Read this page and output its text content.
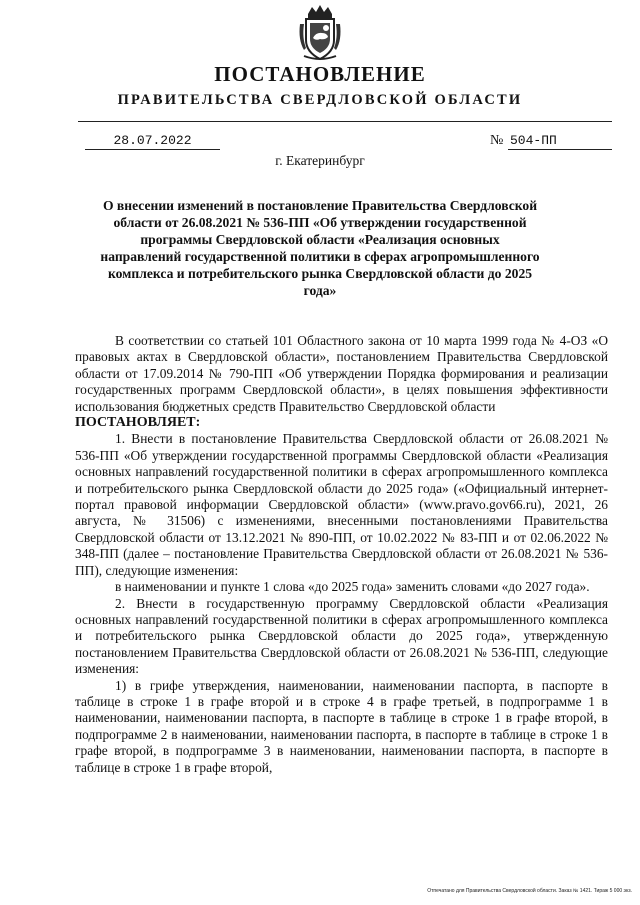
ПОСТАНОВЛЕНИЕ
ПРАВИТЕЛЬСТВА СВЕРДЛОВСКОЙ ОБЛАСТИ
28.07.2022	№ 504-ПП
г. Екатеринбург
О внесении изменений в постановление Правительства Свердловской области от 26.08.2021 № 536-ПП «Об утверждении государственной программы Свердловской области «Реализация основных направлений государственной политики в сферах агропромышленного комплекса и потребительского рынка Свердловской области до 2025 года»

В соответствии со статьей 101 Областного закона от 10 марта 1999 года № 4-ОЗ «О правовых актах в Свердловской области», постановлением Правительства Свердловской области от 17.09.2014 № 790-ПП «Об утверждении Порядка формирования и реализации государственных программ Свердловской области», в целях повышения эффективности использования бюджетных средств Правительство Свердловской области

ПОСТАНОВЛЯЕТ:

1. Внести в постановление Правительства Свердловской области от 26.08.2021 № 536-ПП «Об утверждении государственной программы Свердловской области «Реализация основных направлений государственной политики в сферах агропромышленного комплекса и потребительского рынка Свердловской области до 2025 года» («Официальный интернет-портал правовой информации Свердловской области» (www.pravo.gov66.ru), 2021, 26 августа, № 31506) с изменениями, внесенными постановлениями Правительства Свердловской области от 13.12.2021 № 890-ПП, от 10.02.2022 № 83-ПП и от 02.06.2022 № 348-ПП (далее – постановление Правительства Свердловской области от 26.08.2021 № 536-ПП), следующие изменения:

в наименовании и пункте 1 слова «до 2025 года» заменить словами «до 2027 года».

2. Внести в государственную программу Свердловской области «Реализация основных направлений государственной политики в сферах агропромышленного комплекса и потребительского рынка Свердловской области до 2025 года», утвержденную постановлением Правительства Свердловской области от 26.08.2021 № 536-ПП, следующие изменения:

1) в грифе утверждения, наименовании, наименовании паспорта, в паспорте в таблице в строке 1 в графе второй и в строке 4 в графе третьей, в подпрограмме 1 в наименовании, наименовании паспорта, в паспорте в таблице в строке 1 в графе второй, в подпрограмме 2 в наименовании, наименовании паспорта, в паспорте в таблице в строке 1 в графе второй, в подпрограмме 3 в наименовании, наименовании паспорта, в паспорте в таблице в строке 1 в графе второй,

Отпечатано для Правительства Свердловской области. Заказ № 1421. Тираж 5 000 экз.
